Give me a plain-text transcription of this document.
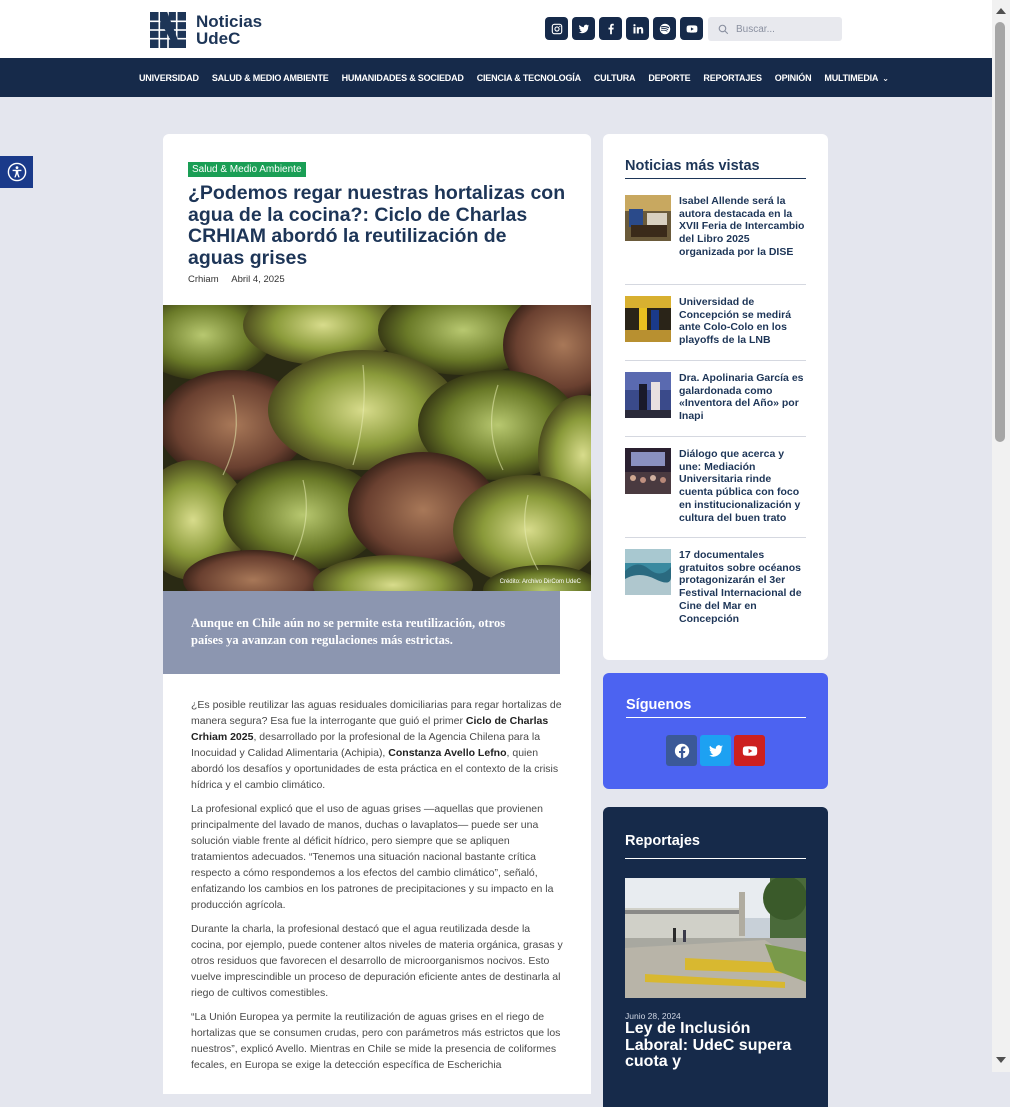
Noticias
UdeC
Buscar...
UNIVERSIDAD SALUD & MEDIO AMBIENTE HUMANIDADES & SOCIEDAD CIENCIA & TECNOLOGÍA CULTURA DEPORTE REPORTAJES OPINIÓN MULTIMEDIA ⌄
Salud & Medio Ambiente
¿Podemos regar nuestras hortalizas con agua de la cocina?: Ciclo de Charlas CRHIAM abordó la reutilización de aguas grises
Crhiam Abril 4, 2025
Crédito: Archivo DirCom UdeC

Aunque en Chile aún no se permite esta reutilización, otros países ya avanzan con regulaciones más estrictas.

¿Es posible reutilizar las aguas residuales domiciliarias para regar hortalizas de manera segura? Esa fue la interrogante que guió el primer Ciclo de Charlas Crhiam 2025, desarrollado por la profesional de la Agencia Chilena para la Inocuidad y Calidad Alimentaria (Achipia), Constanza Avello Lefno, quien abordó los desafíos y oportunidades de esta práctica en el contexto de la crisis hídrica y el cambio climático.

La profesional explicó que el uso de aguas grises —aquellas que provienen principalmente del lavado de manos, duchas o lavaplatos— puede ser una solución viable frente al déficit hídrico, pero siempre que se apliquen tratamientos adecuados. “Tenemos una situación nacional bastante crítica respecto a cómo respondemos a los efectos del cambio climático”, señaló, enfatizando los cambios en los patrones de precipitaciones y su impacto en la producción agrícola.

Durante la charla, la profesional destacó que el agua reutilizada desde la cocina, por ejemplo, puede contener altos niveles de materia orgánica, grasas y otros residuos que favorecen el desarrollo de microorganismos nocivos. Esto vuelve imprescindible un proceso de depuración eficiente antes de destinarla al riego de cultivos comestibles.

“La Unión Europea ya permite la reutilización de aguas grises en el riego de hortalizas que se consumen crudas, pero con parámetros más estrictos que los nuestros”, explicó Avello. Mientras en Chile se mide la presencia de coliformes fecales, en Europa se exige la detección específica de Escherichia

Noticias más vistas
Isabel Allende será la autora destacada en la XVII Feria de Intercambio del Libro 2025 organizada por la DISE
Universidad de Concepción se medirá ante Colo-Colo en los playoffs de la LNB
Dra. Apolinaria García es galardonada como «Inventora del Año» por Inapi
Diálogo que acerca y une: Mediación Universitaria rinde cuenta pública con foco en institucionalización y cultura del buen trato
17 documentales gratuitos sobre océanos protagonizarán el 3er Festival Internacional de Cine del Mar en Concepción
Síguenos
Reportajes
Junio 28, 2024
Ley de Inclusión Laboral: UdeC supera cuota y
